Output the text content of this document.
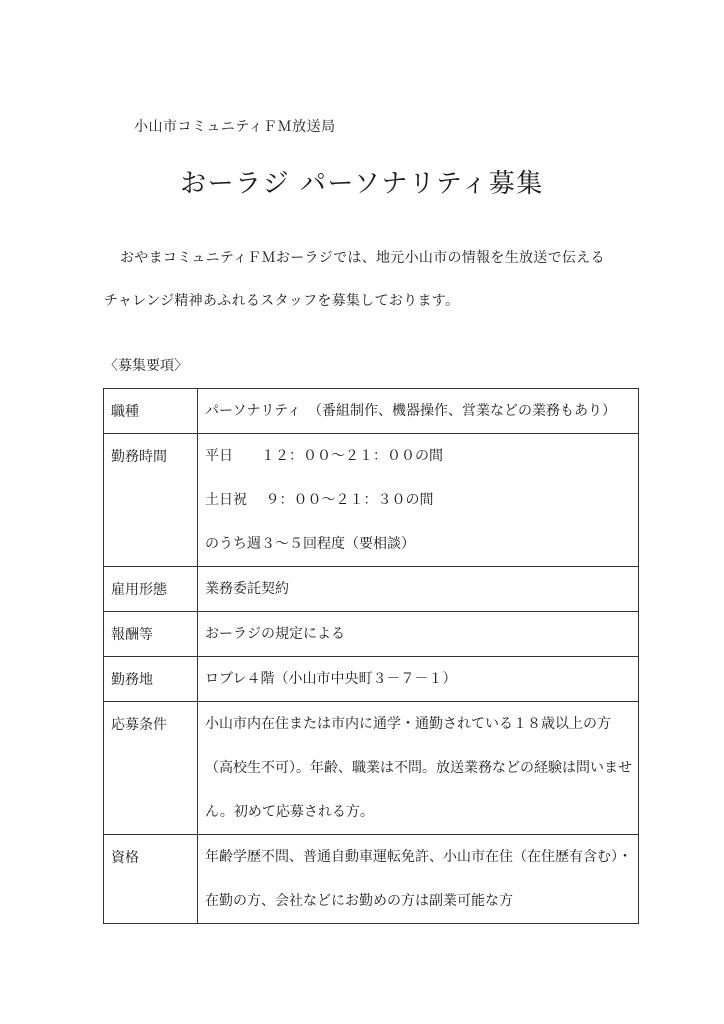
小山市コミュニティＦＭ放送局
おーラジ パーソナリティ募集
おやまコミュニティＦＭおーラジでは、地元小山市の情報を生放送で伝える
チャレンジ精神あふれるスタッフを募集しております。
〈募集要項〉
職種	パーソナリティ　（番組制作、機器操作、営業などの業務もあり）

勤務時間	平日　　１２：００～２１：００の間
土日祝　 ９：００～２１：３０の間
のうち週３～５回程度（要相談）

雇用形態	業務委託契約

報酬等	おーラジの規定による

勤務地	ロブレ４階（小山市中央町３－７－１）

応募条件	小山市内在住または市内に通学・通勤されている１８歳以上の方
（高校生不可）。年齢、職業は不問。放送業務などの経験は問いませ
ん。初めて応募される方。

資格	年齢学歴不問、普通自動車運転免許、小山市在住（在住歴有含む）・
在勤の方、会社などにお勤めの方は副業可能な方
